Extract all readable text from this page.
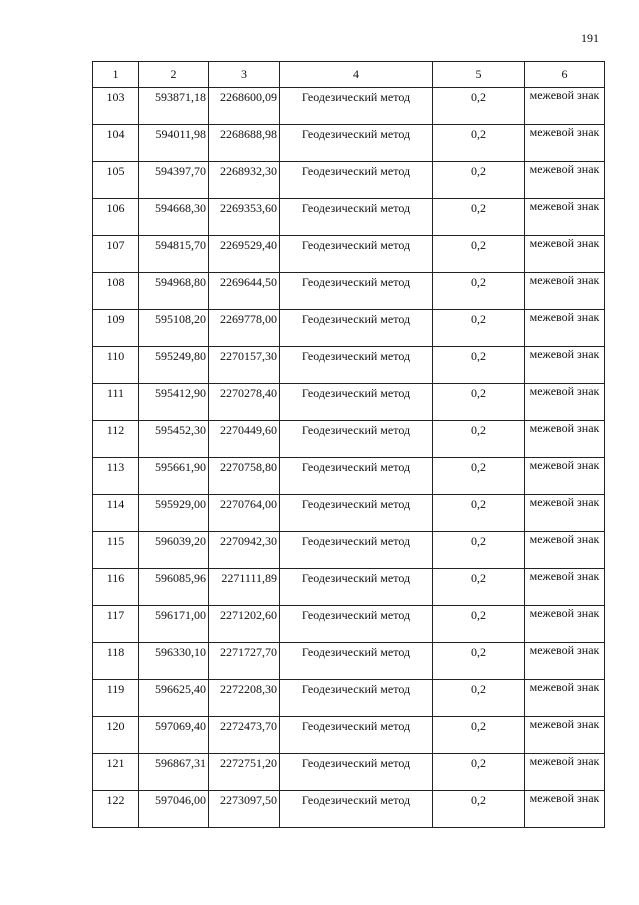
191
1	2	3	4	5	6
103	593871,18	2268600,09	Геодезический метод	0,2	межевой знак
104	594011,98	2268688,98	Геодезический метод	0,2	межевой знак
105	594397,70	2268932,30	Геодезический метод	0,2	межевой знак
106	594668,30	2269353,60	Геодезический метод	0,2	межевой знак
107	594815,70	2269529,40	Геодезический метод	0,2	межевой знак
108	594968,80	2269644,50	Геодезический метод	0,2	межевой знак
109	595108,20	2269778,00	Геодезический метод	0,2	межевой знак
110	595249,80	2270157,30	Геодезический метод	0,2	межевой знак
111	595412,90	2270278,40	Геодезический метод	0,2	межевой знак
112	595452,30	2270449,60	Геодезический метод	0,2	межевой знак
113	595661,90	2270758,80	Геодезический метод	0,2	межевой знак
114	595929,00	2270764,00	Геодезический метод	0,2	межевой знак
115	596039,20	2270942,30	Геодезический метод	0,2	межевой знак
116	596085,96	2271111,89	Геодезический метод	0,2	межевой знак
117	596171,00	2271202,60	Геодезический метод	0,2	межевой знак
118	596330,10	2271727,70	Геодезический метод	0,2	межевой знак
119	596625,40	2272208,30	Геодезический метод	0,2	межевой знак
120	597069,40	2272473,70	Геодезический метод	0,2	межевой знак
121	596867,31	2272751,20	Геодезический метод	0,2	межевой знак
122	597046,00	2273097,50	Геодезический метод	0,2	межевой знак
